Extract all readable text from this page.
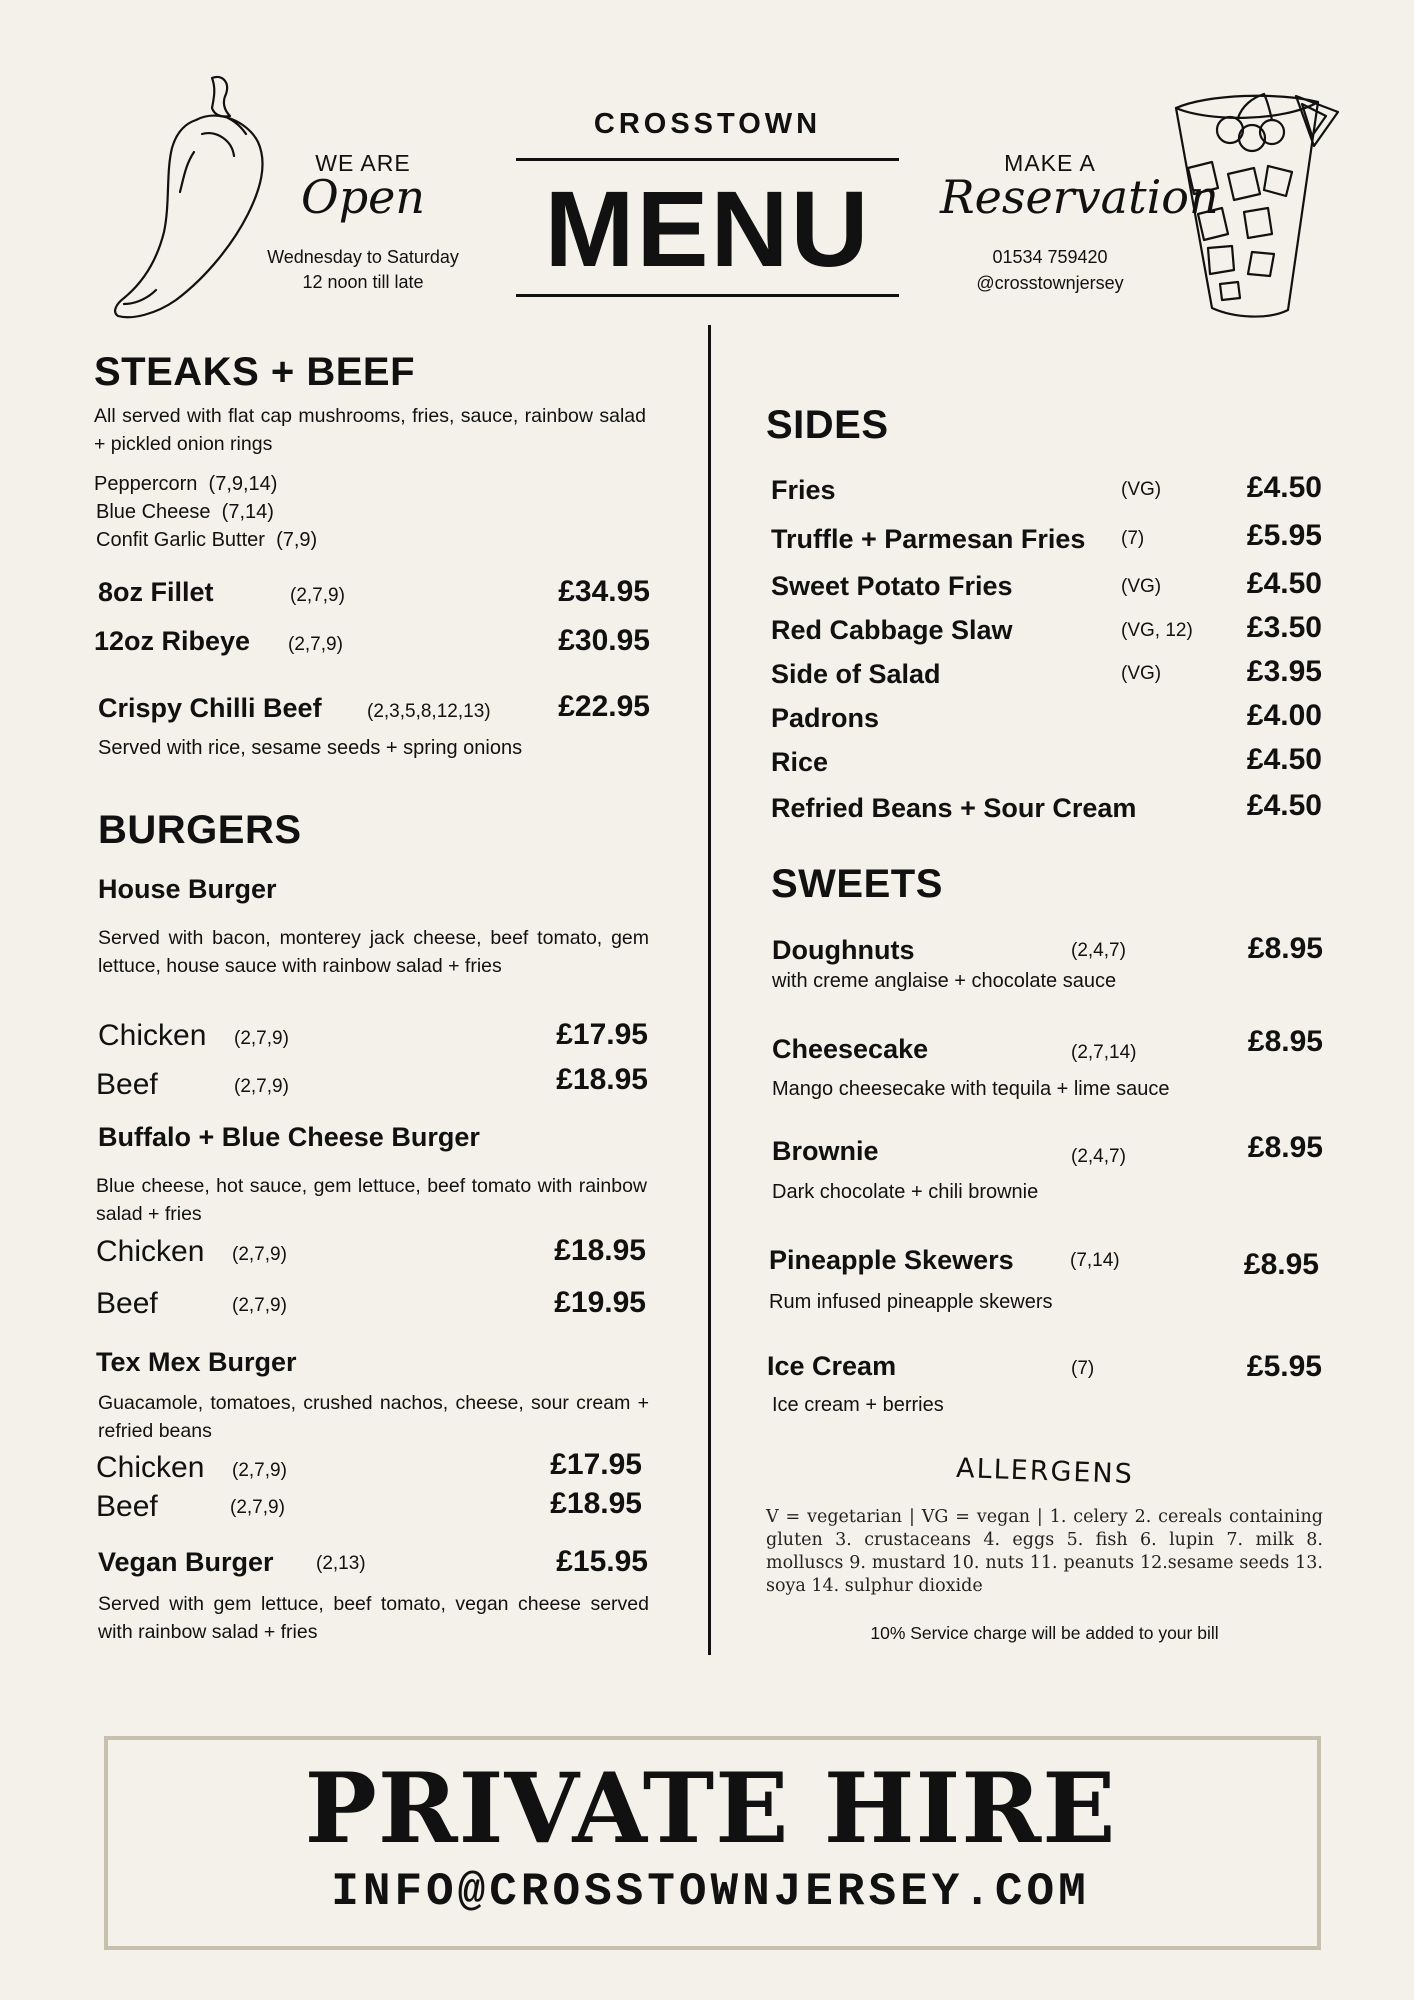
WE ARE
Open
Wednesday to Saturday
12 noon till late
CROSSTOWN
MENU
MAKE A
Reservation
01534 759420
@crosstownjersey
STEAKS + BEEF
All served with flat cap mushrooms, fries, sauce, rainbow salad + pickled onion rings
Peppercorn (7,9,14)
Blue Cheese (7,14)
Confit Garlic Butter (7,9)
8oz Fillet	(2,7,9)	£34.95
12oz Ribeye (2,7,9)	£30.95
Crispy Chilli Beef (2,3,5,8,12,13)	£22.95
Served with rice, sesame seeds + spring onions
BURGERS
House Burger
Served with bacon, monterey jack cheese, beef tomato, gem lettuce, house sauce with rainbow salad + fries
Chicken (2,7,9)	£17.95
Beef	(2,7,9)	£18.95
Buffalo + Blue Cheese Burger
Blue cheese, hot sauce, gem lettuce, beef tomato with rainbow salad + fries
Chicken (2,7,9)	£18.95
Beef	(2,7,9)	£19.95
Tex Mex Burger
Guacamole, tomatoes, crushed nachos, cheese, sour cream + refried beans
Chicken (2,7,9)	£17.95
Beef	(2,7,9)	£18.95
Vegan Burger (2,13)	£15.95
Served with gem lettuce, beef tomato, vegan cheese served with rainbow salad + fries
SIDES
Fries	(VG)	£4.50
Truffle + Parmesan Fries (7)	£5.95
Sweet Potato Fries	(VG)	£4.50
Red Cabbage Slaw	(VG, 12)	£3.50
Side of Salad	(VG)	£3.95
Padrons	£4.00
Rice	£4.50
Refried Beans + Sour Cream	£4.50
SWEETS
Doughnuts	(2,4,7)	£8.95
with creme anglaise + chocolate sauce
Cheesecake	(2,7,14)	£8.95
Mango cheesecake with tequila + lime sauce
Brownie	(2,4,7)	£8.95
Dark chocolate + chili brownie
Pineapple Skewers	(7,14)	£8.95
Rum infused pineapple skewers
Ice Cream	(7)	£5.95
Ice cream + berries
ALLERGENS
V = vegetarian | VG = vegan | 1. celery 2. cereals containing gluten 3. crustaceans 4. eggs 5. fish 6. lupin 7. milk 8. molluscs 9. mustard 10. nuts 11. peanuts 12.sesame seeds 13. soya 14. sulphur dioxide
10% Service charge will be added to your bill
PRIVATE HIRE
INFO@CROSSTOWNJERSEY.COM
